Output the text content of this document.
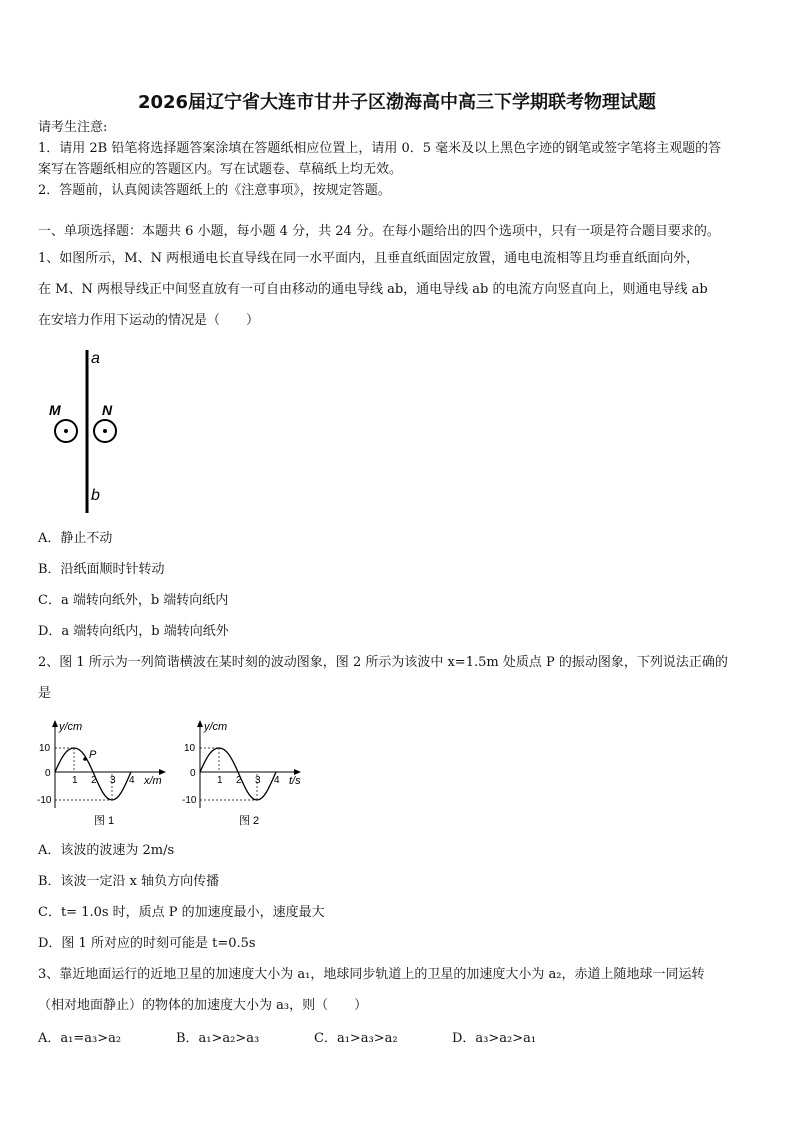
2026届辽宁省大连市甘井子区渤海高中高三下学期联考物理试题
请考生注意:
1．请用 2B 铅笔将选择题答案涂填在答题纸相应位置上，请用 0．5 毫米及以上黑色字迹的钢笔或签字笔将主观题的答
案写在答题纸相应的答题区内。写在试题卷、草稿纸上均无效。
2．答题前，认真阅读答题纸上的《注意事项》，按规定答题。
一、单项选择题：本题共 6 小题，每小题 4 分，共 24 分。在每小题给出的四个选项中，只有一项是符合题目要求的。
1、如图所示，M、N 两根通电长直导线在同一水平面内，且垂直纸面固定放置，通电电流相等且均垂直纸面向外，
在 M、N 两根导线正中间竖直放有一可自由移动的通电导线 ab，通电导线 ab 的电流方向竖直向上，则通电导线 ab
在安培力作用下运动的情况是（　　）
a
b
M	N
A．静止不动
B．沿纸面顺时针转动
C．a 端转向纸外，b 端转向纸内
D．a 端转向纸内，b 端转向纸外
2、图 1 所示为一列简谐横波在某时刻的波动图象，图 2 所示为该波中 x=1.5m 处质点 P 的振动图象，下列说法正确的
是
y/cm
x/m
10
0
-10
1 2 3 4
P
图 1
y/cm
t/s
10
0
-10
1 2 3 4
图 2
A．该波的波速为 2m/s
B．该波一定沿 x 轴负方向传播
C．t= 1.0s 时，质点 P 的加速度最小，速度最大
D．图 1 所对应的时刻可能是 t=0.5s
3、靠近地面运行的近地卫星的加速度大小为 a₁，地球同步轨道上的卫星的加速度大小为 a₂，赤道上随地球一同运转
（相对地面静止）的物体的加速度大小为 a₃，则（　　）
A．a₁=a₃>a₂	B．a₁>a₂>a₃	C．a₁>a₃>a₂	D．a₃>a₂>a₁
